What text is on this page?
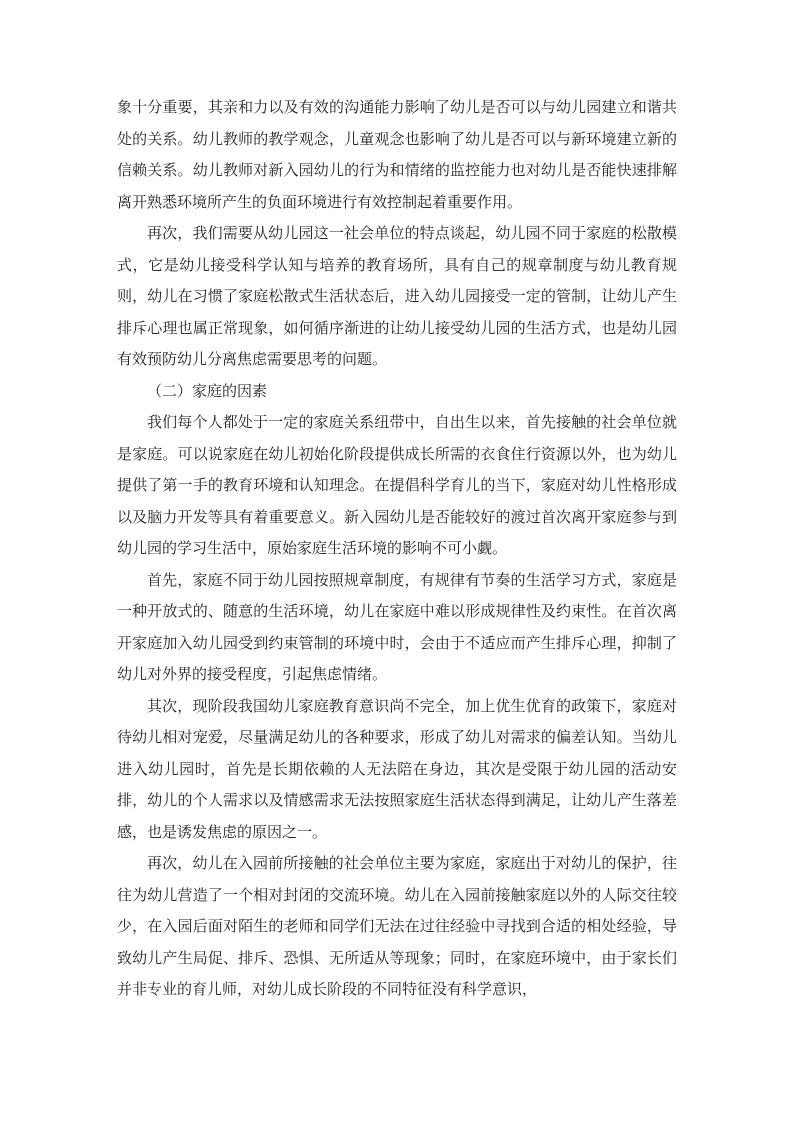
象十分重要，其亲和力以及有效的沟通能力影响了幼儿是否可以与幼儿园建立和谐共处的关系。幼儿教师的教学观念，儿童观念也影响了幼儿是否可以与新环境建立新的信赖关系。幼儿教师对新入园幼儿的行为和情绪的监控能力也对幼儿是否能快速排解离开熟悉环境所产生的负面环境进行有效控制起着重要作用。

再次，我们需要从幼儿园这一社会单位的特点谈起，幼儿园不同于家庭的松散模式，它是幼儿接受科学认知与培养的教育场所，具有自己的规章制度与幼儿教育规则，幼儿在习惯了家庭松散式生活状态后，进入幼儿园接受一定的管制，让幼儿产生排斥心理也属正常现象，如何循序渐进的让幼儿接受幼儿园的生活方式，也是幼儿园有效预防幼儿分离焦虑需要思考的问题。

（二）家庭的因素

我们每个人都处于一定的家庭关系纽带中，自出生以来，首先接触的社会单位就是家庭。可以说家庭在幼儿初始化阶段提供成长所需的衣食住行资源以外，也为幼儿提供了第一手的教育环境和认知理念。在提倡科学育儿的当下，家庭对幼儿性格形成以及脑力开发等具有着重要意义。新入园幼儿是否能较好的渡过首次离开家庭参与到幼儿园的学习生活中，原始家庭生活环境的影响不可小觑。

首先，家庭不同于幼儿园按照规章制度，有规律有节奏的生活学习方式，家庭是一种开放式的、随意的生活环境，幼儿在家庭中难以形成规律性及约束性。在首次离开家庭加入幼儿园受到约束管制的环境中时，会由于不适应而产生排斥心理，抑制了幼儿对外界的接受程度，引起焦虑情绪。

其次，现阶段我国幼儿家庭教育意识尚不完全，加上优生优育的政策下，家庭对待幼儿相对宠爱，尽量满足幼儿的各种要求，形成了幼儿对需求的偏差认知。当幼儿进入幼儿园时，首先是长期依赖的人无法陪在身边，其次是受限于幼儿园的活动安排，幼儿的个人需求以及情感需求无法按照家庭生活状态得到满足，让幼儿产生落差感，也是诱发焦虑的原因之一。

再次，幼儿在入园前所接触的社会单位主要为家庭，家庭出于对幼儿的保护，往往为幼儿营造了一个相对封闭的交流环境。幼儿在入园前接触家庭以外的人际交往较少，在入园后面对陌生的老师和同学们无法在过往经验中寻找到合适的相处经验，导致幼儿产生局促、排斥、恐惧、无所适从等现象；同时，在家庭环境中，由于家长们并非专业的育儿师，对幼儿成长阶段的不同特征没有科学意识，
